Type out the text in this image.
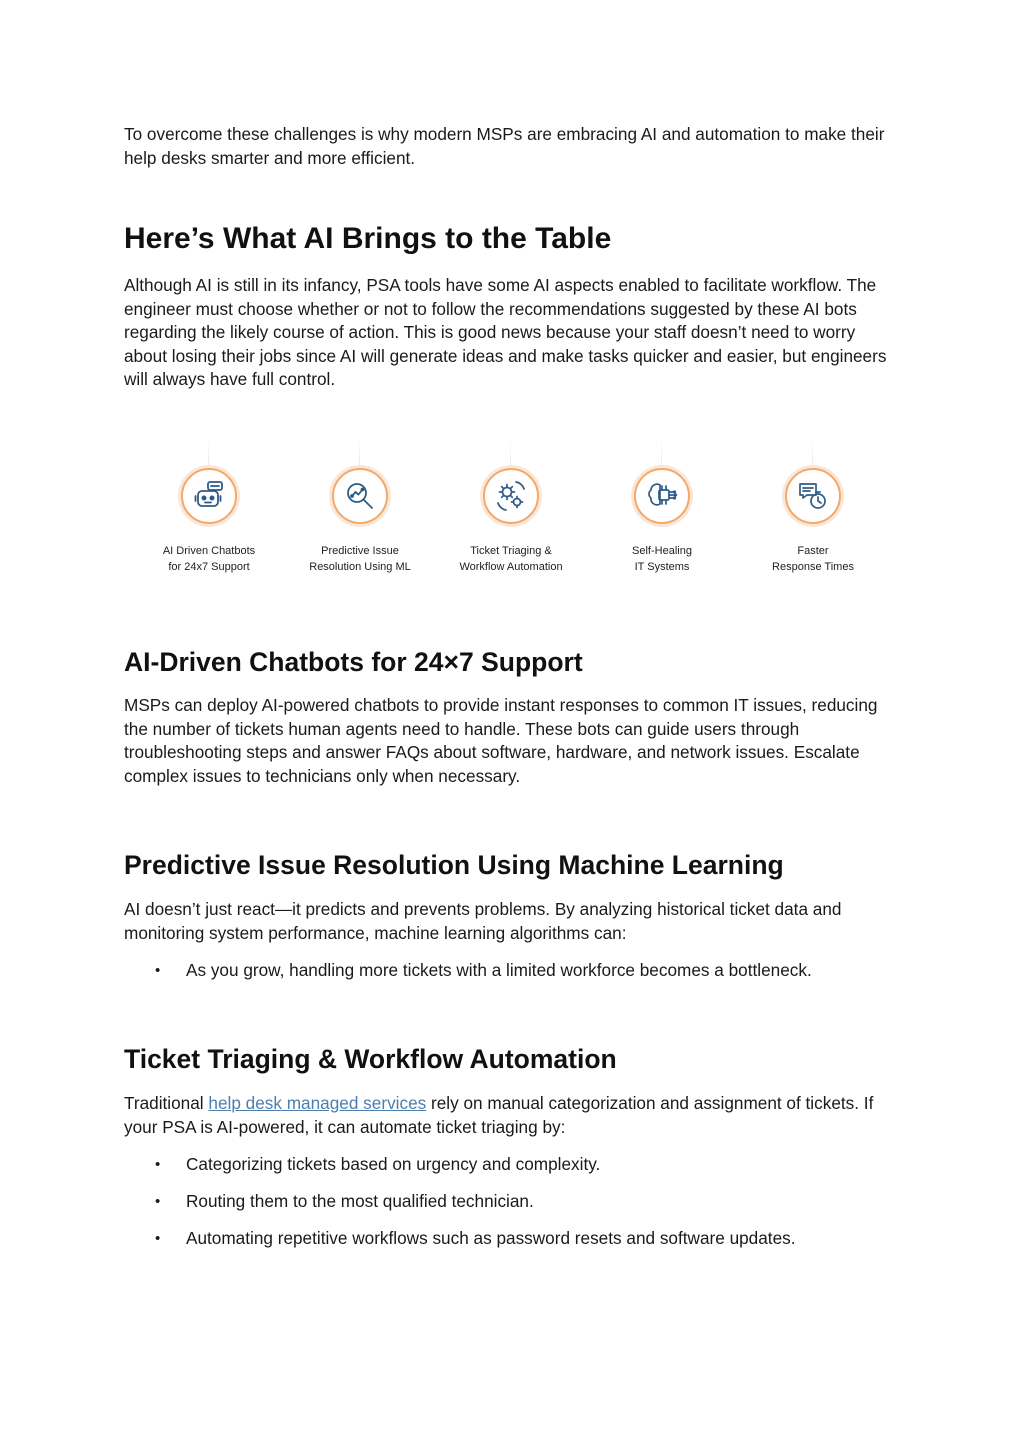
To overcome these challenges is why modern MSPs are embracing AI and automation to make their help desks smarter and more efficient.

Here’s What AI Brings to the Table

Although AI is still in its infancy, PSA tools have some AI aspects enabled to facilitate workflow. The engineer must choose whether or not to follow the recommendations suggested by these AI bots regarding the likely course of action. This is good news because your staff doesn’t need to worry about losing their jobs since AI will generate ideas and make tasks quicker and easier, but engineers will always have full control.

AI-Driven Chatbots for 24×7 Support

MSPs can deploy AI-powered chatbots to provide instant responses to common IT issues, reducing the number of tickets human agents need to handle. These bots can guide users through troubleshooting steps and answer FAQs about software, hardware, and network issues. Escalate complex issues to technicians only when necessary.

Predictive Issue Resolution Using Machine Learning

AI doesn’t just react—it predicts and prevents problems. By analyzing historical ticket data and monitoring system performance, machine learning algorithms can:

• As you grow, handling more tickets with a limited workforce becomes a bottleneck.
Ticket Triaging & Workflow Automation

Traditional help desk managed services rely on manual categorization and assignment of tickets. If your PSA is AI-powered, it can automate ticket triaging by:

• Categorizing tickets based on urgency and complexity.
• Routing them to the most qualified technician.
• Automating repetitive workflows such as password resets and software updates.
AI Driven Chatbots
for 24x7 Support
Predictive Issue
Resolution Using ML
Ticket Triaging &
Workflow Automation
Self-Healing
IT Systems
Faster
Response Times
